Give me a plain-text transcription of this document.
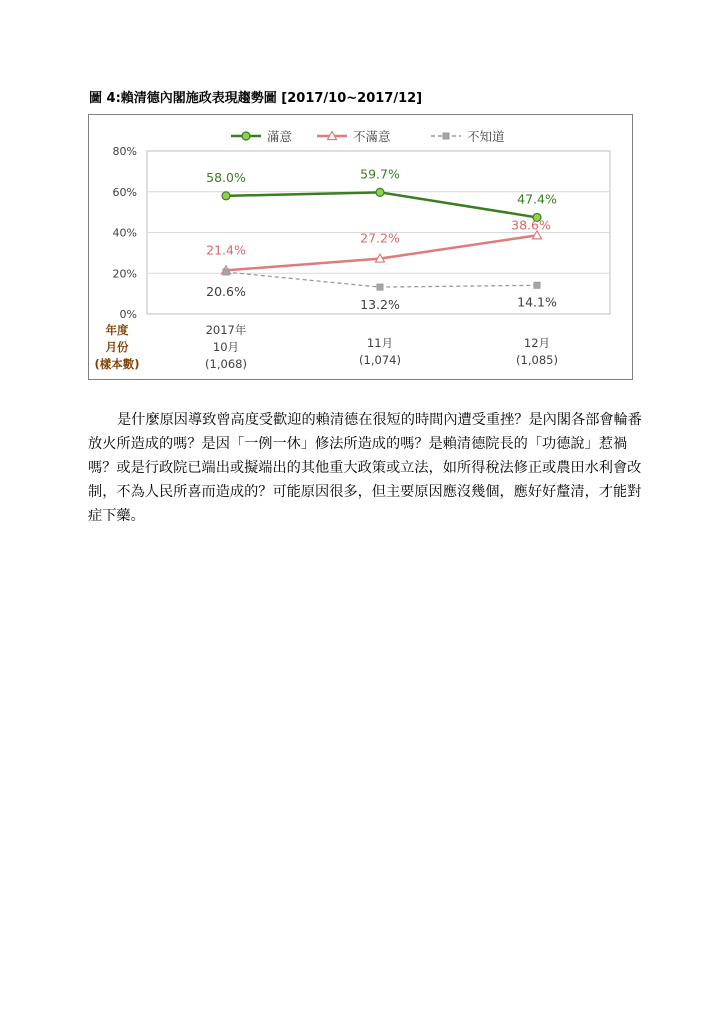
圖 4:賴清德內閣施政表現趨勢圖 [2017/10~2017/12]
0%
20%
40%
60%
80%
滿意	不滿意	不知道
58.0%	59.7%
47.4%
21.4%
27.2%
38.6%
20.6%
13.2%	14.1%
年度
月份
(樣本數)
2017年
10月
(1,068)
11月
(1,074)
12月
(1,085)

是什麼原因導致曾高度受歡迎的賴清德在很短的時間內遭受重挫？是內閣各部會輪番放火所造成的嗎？是因「一例一休」修法所造成的嗎？是賴清德院長的「功德說」惹禍嗎？或是行政院已端出或擬端出的其他重大政策或立法，如所得稅法修正或農田水利會改制，不為人民所喜而造成的？可能原因很多，但主要原因應沒幾個，應好好釐清，才能對症下藥。
